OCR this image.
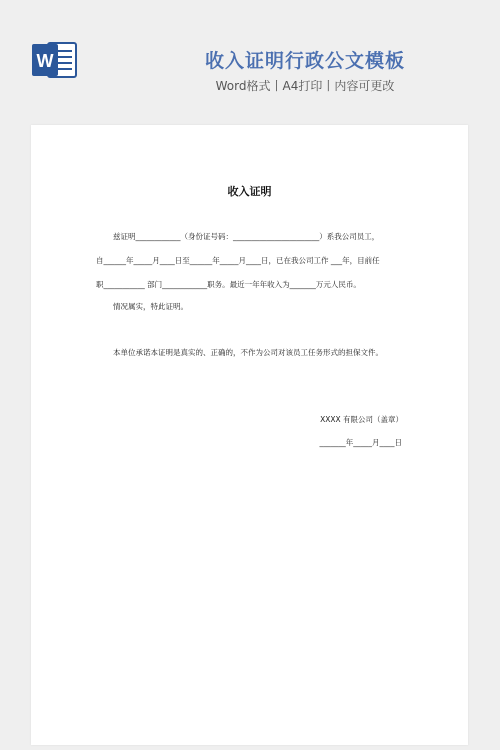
W	收入证明行政公文模板
Word格式丨A4打印丨内容可更改
收入证明
兹证明____________（身份证号码：_______________________）系我公司员工，
自______年_____月____日至______年_____月____日，已在我公司工作 ___年，目前任
职___________ 部门____________职务。最近一年年收入为_______万元人民币。
情况属实，特此证明。
本单位承诺本证明是真实的、正确的，不作为公司对该员工任务形式的担保文件。
XXXX 有限公司（盖章）
_______年_____月____日
